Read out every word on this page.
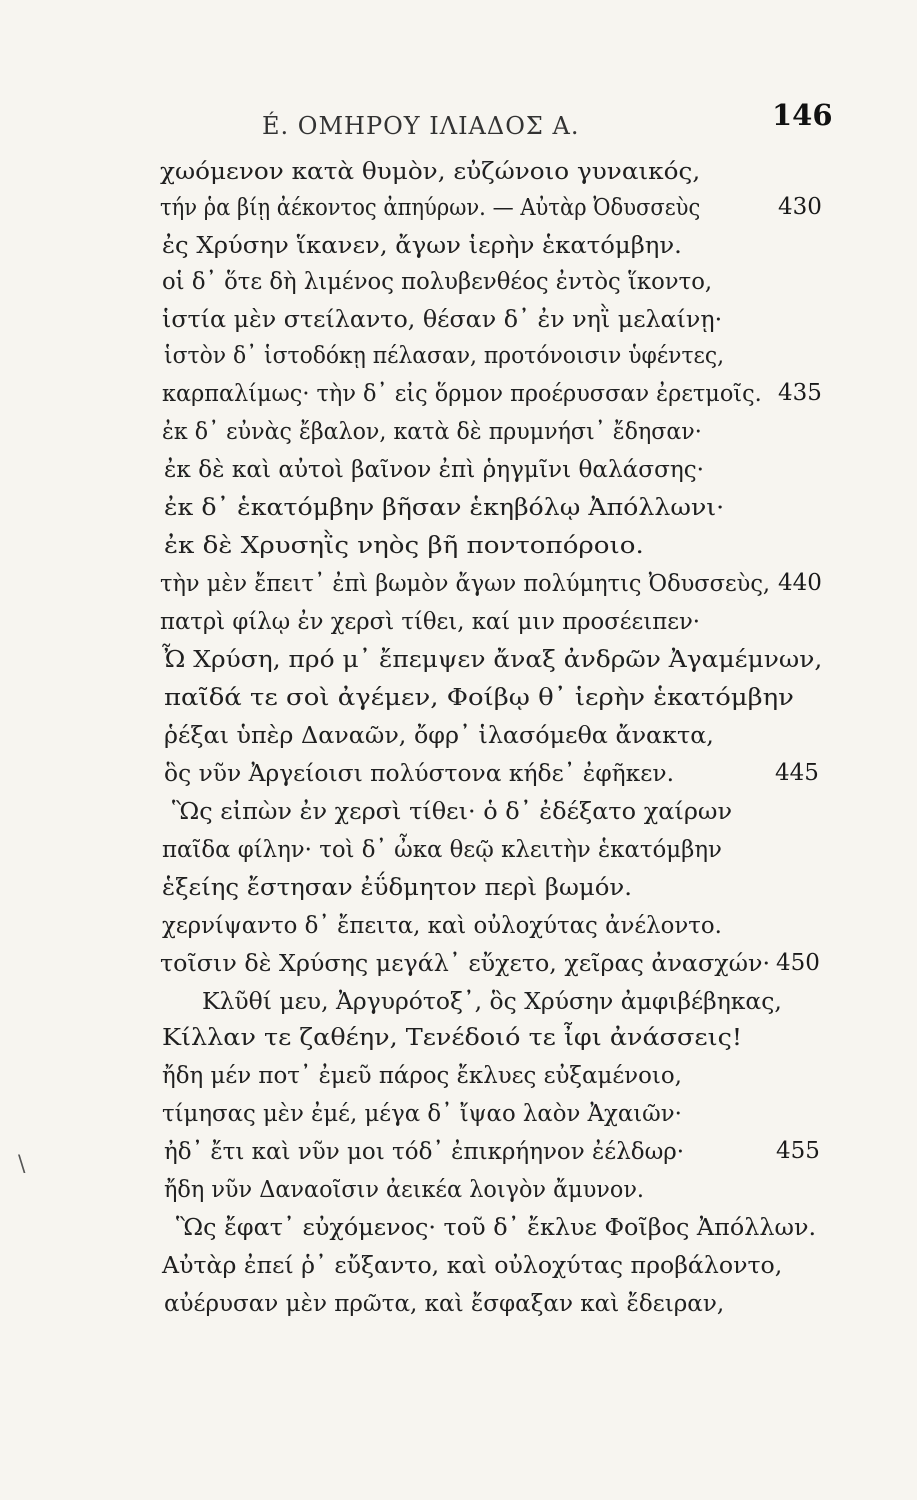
É. ΟΜΗΡΟΥ ΙΛΙΑΔΟΣ Α.	146
χωόμενον κατὰ θυμὸν, εὐζώνοιο γυναικός,
τήν ῥα βίῃ ἀέκοντος ἀπηύρων. — Αὐτὰρ Ὀδυσσεὺς	430
ἐς Χρύσην ἵκανεν, ἄγων ἱερὴν ἑκατόμβην.
οἱ δ᾽ ὅτε δὴ λιμένος πολυβενθέος ἐντὸς ἵκοντο,
ἱστία μὲν στείλαντο, θέσαν δ᾽ ἐν νηῒ μελαίνῃ·
ἱστὸν δ᾽ ἱστοδόκῃ πέλασαν, προτόνοισιν ὑφέντες,
καρπαλίμως· τὴν δ᾽ εἰς ὅρμον προέρυσσαν ἐρετμοῖς. 435
ἐκ δ᾽ εὐνὰς ἔβαλον, κατὰ δὲ πρυμνήσι᾽ ἔδησαν·
ἐκ δὲ καὶ αὐτοὶ βαῖνον ἐπὶ ῥηγμῖνι θαλάσσης·
ἐκ δ᾽ ἑκατόμβην βῆσαν ἑκηβόλῳ Ἀπόλλωνι·
ἐκ δὲ Χρυσηῒς νηὸς βῆ ποντοπόροιο.
τὴν μὲν ἔπειτ᾽ ἐπὶ βωμὸν ἄγων πολύμητις Ὀδυσσεὺς, 440
πατρὶ φίλῳ ἐν χερσὶ τίθει, καί μιν προσέειπεν·
Ὦ Χρύση, πρό μ᾽ ἔπεμψεν ἄναξ ἀνδρῶν Ἀγαμέμνων,
παῖδά τε σοὶ ἀγέμεν, Φοίβῳ θ᾽ ἱερὴν ἑκατόμβην
ῥέξαι ὑπὲρ Δαναῶν, ὄφρ᾽ ἱλασόμεθα ἄνακτα,
ὃς νῦν Ἀργείοισι πολύστονα κήδε᾽ ἐφῆκεν.	445
Ὣς εἰπὼν ἐν χερσὶ τίθει· ὁ δ᾽ ἐδέξατο χαίρων
παῖδα φίλην· τοὶ δ᾽ ὦκα θεῷ κλειτὴν ἑκατόμβην
ἑξείης ἔστησαν ἐΰδμητον περὶ βωμόν.
χερνίψαντο δ᾽ ἔπειτα, καὶ οὐλοχύτας ἀνέλοντο.
τοῖσιν δὲ Χρύσης μεγάλ᾽ εὔχετο, χεῖρας ἀνασχών· 450
Κλῦθί μευ, Ἀργυρότοξ᾽, ὃς Χρύσην ἀμφιβέβηκας,
Κίλλαν τε ζαθέην, Τενέδοιό τε ἶφι ἀνάσσεις!
ἤδη μέν ποτ᾽ ἐμεῦ πάρος ἔκλυες εὐξαμένοιο,
τίμησας μὲν ἐμέ, μέγα δ᾽ ἴψαο λαὸν Ἀχαιῶν·
ἠδ᾽ ἔτι καὶ νῦν μοι τόδ᾽ ἐπικρήηνον ἐέλδωρ·	455
ἤδη νῦν Δαναοῖσιν ἀεικέα λοιγὸν ἄμυνον.
Ὣς ἔφατ᾽ εὐχόμενος· τοῦ δ᾽ ἔκλυε Φοῖβος Ἀπόλλων.
Αὐτὰρ ἐπεί ῥ᾽ εὔξαντο, καὶ οὐλοχύτας προβάλοντο,
αὐέρυσαν μὲν πρῶτα, καὶ ἔσφαξαν καὶ ἔδειραν,
\
